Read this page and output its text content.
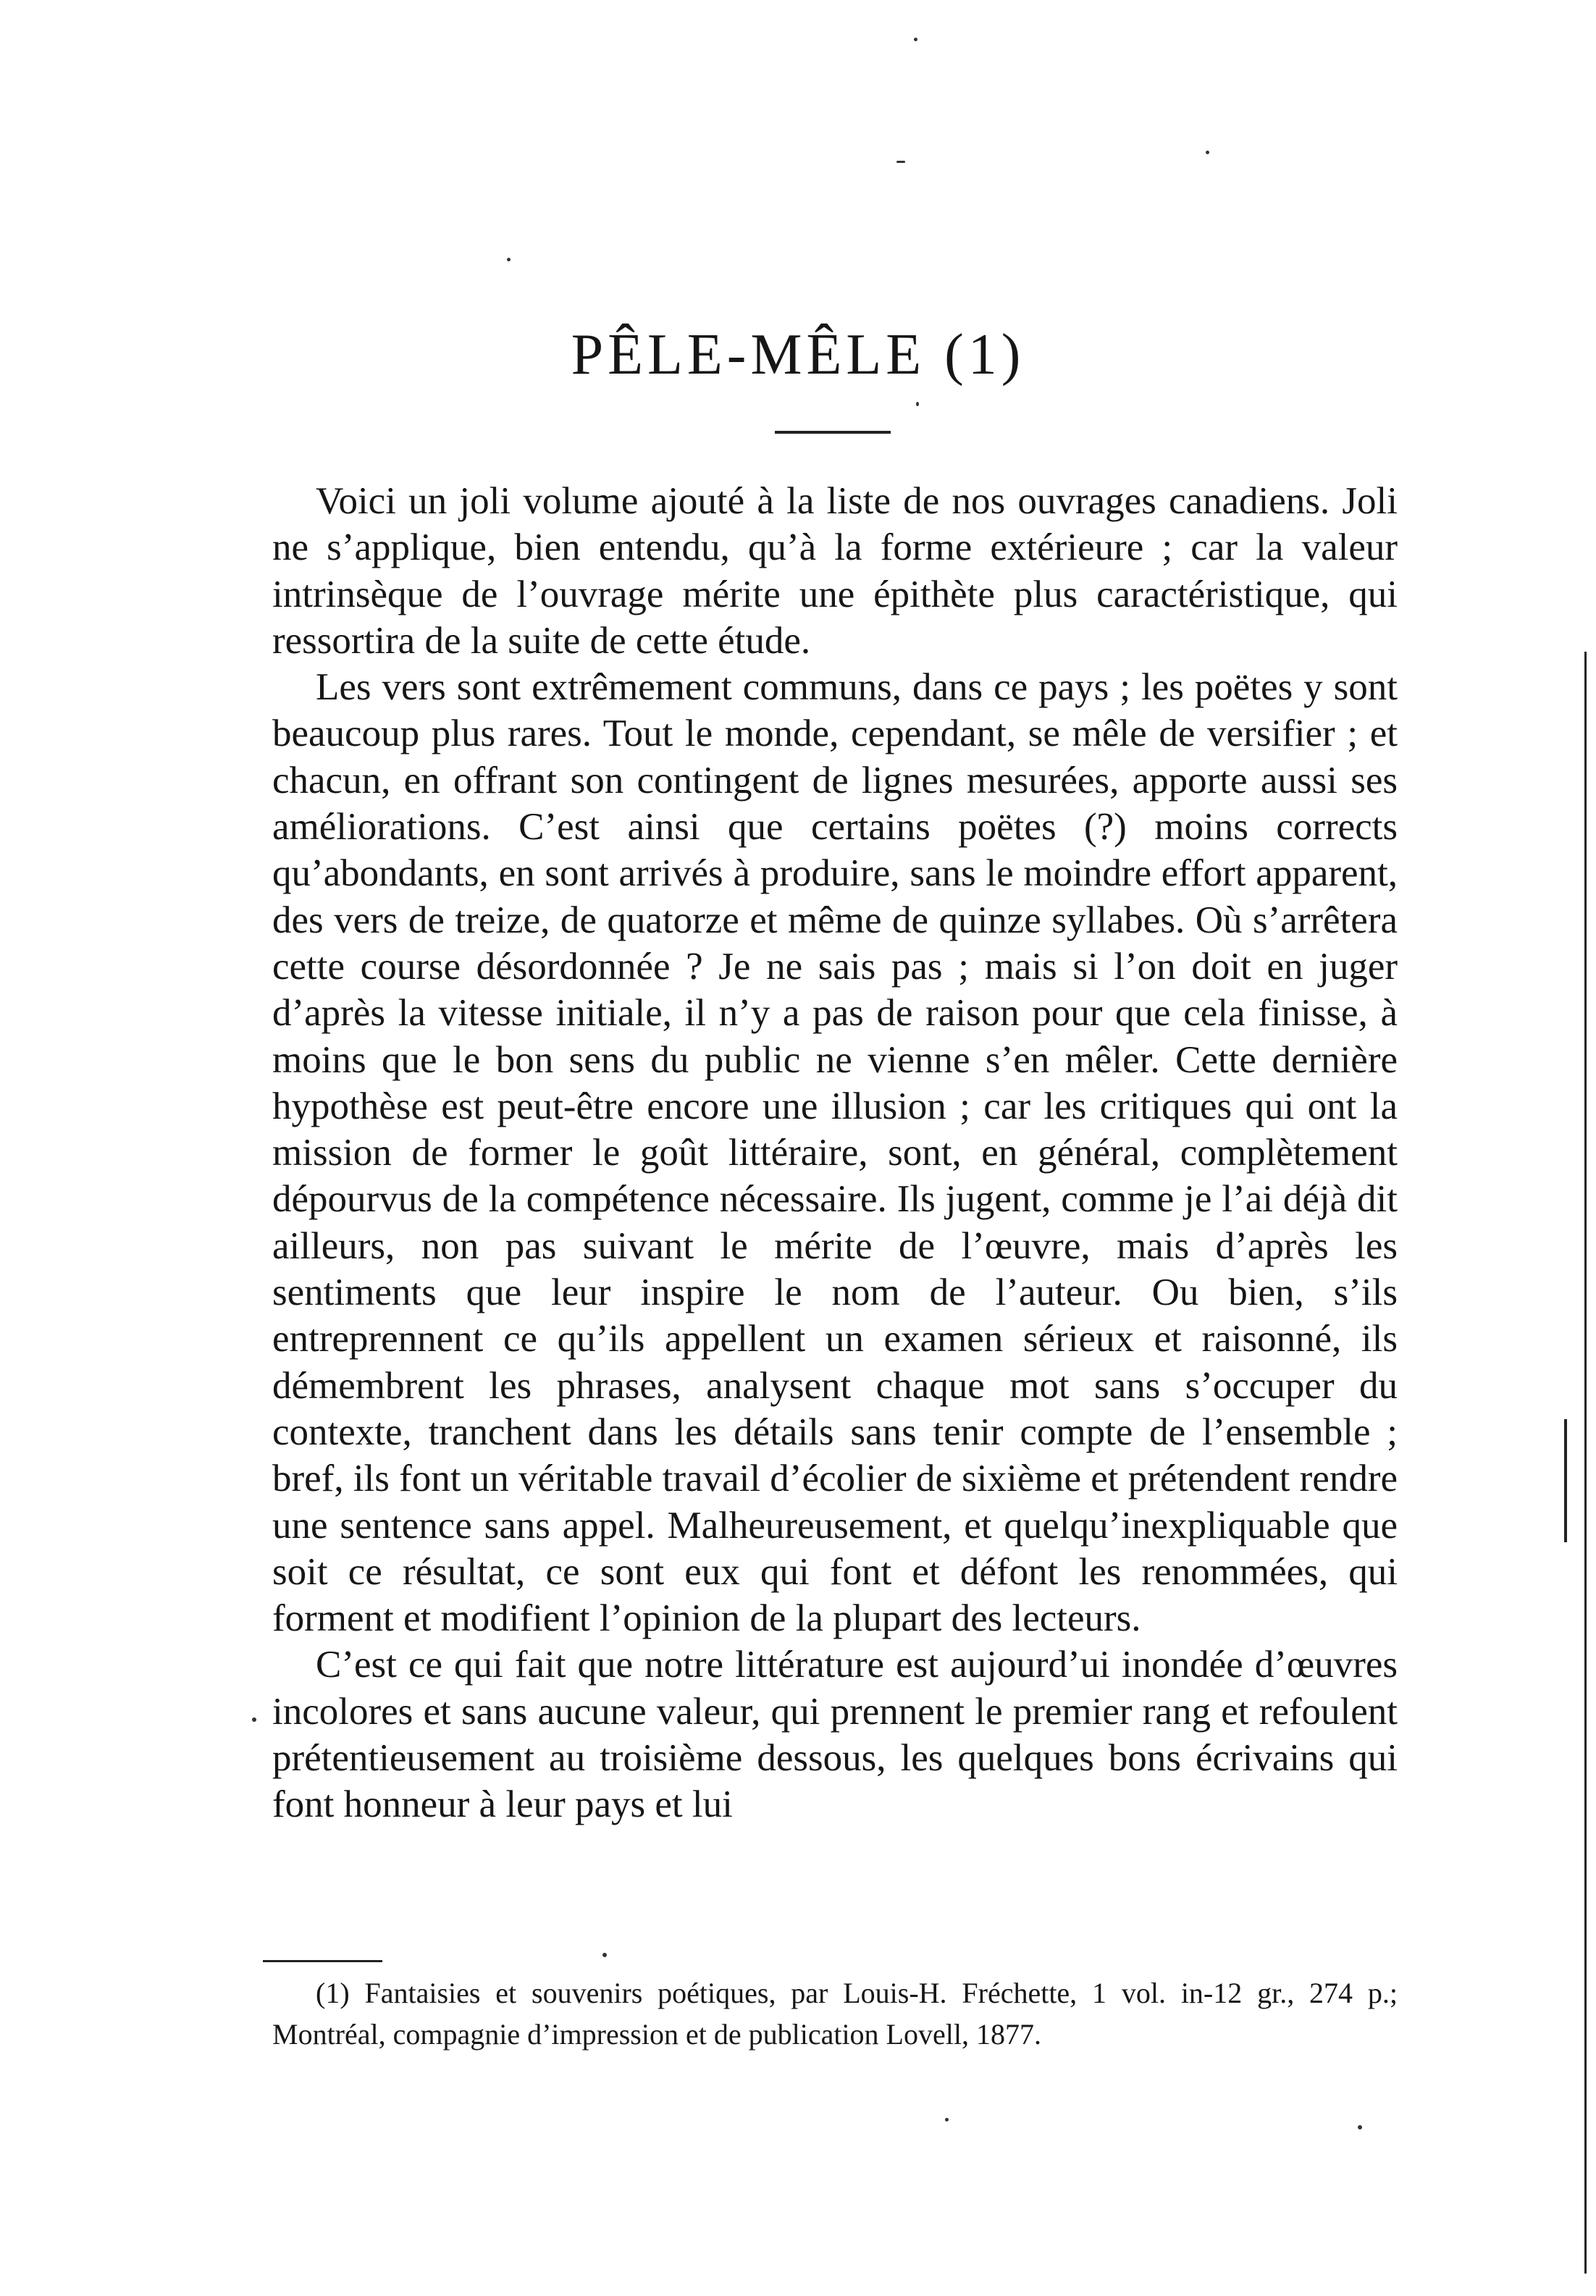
PÊLE-MÊLE (1)

Voici un joli volume ajouté à la liste de nos ouvrages canadiens. Joli ne s’applique, bien entendu, qu’à la forme extérieure ; car la valeur intrinsèque de l’ouvrage mérite une épithète plus caractéristique, qui ressortira de la suite de cette étude.

Les vers sont extrêmement communs, dans ce pays ; les poëtes y sont beaucoup plus rares. Tout le monde, cependant, se mêle de versifier ; et chacun, en offrant son contingent de lignes mesurées, apporte aussi ses améliorations. C’est ainsi que certains poëtes (?) moins corrects qu’abondants, en sont arrivés à produire, sans le moindre effort apparent, des vers de treize, de quatorze et même de quinze syllabes. Où s’arrêtera cette course désordonnée ? Je ne sais pas ; mais si l’on doit en juger d’après la vitesse initiale, il n’y a pas de raison pour que cela finisse, à moins que le bon sens du public ne vienne s’en mêler. Cette dernière hypothèse est peut-être encore une illusion ; car les critiques qui ont la mission de former le goût littéraire, sont, en général, complètement dépourvus de la compétence nécessaire. Ils jugent, comme je l’ai déjà dit ailleurs, non pas suivant le mérite de l’œuvre, mais d’après les sentiments que leur inspire le nom de l’auteur. Ou bien, s’ils entreprennent ce qu’ils appellent un examen sérieux et raisonné, ils démembrent les phrases, analysent chaque mot sans s’occuper du contexte, tranchent dans les détails sans tenir compte de l’ensemble ; bref, ils font un véritable travail d’écolier de sixième et prétendent rendre une sentence sans appel. Malheureusement, et quelqu’inexpliquable que soit ce résultat, ce sont eux qui font et défont les renommées, qui forment et modifient l’opinion de la plupart des lecteurs.

C’est ce qui fait que notre littérature est aujourd’ui inondée d’œuvres incolores et sans aucune valeur, qui prennent le premier rang et refoulent prétentieusement au troisième dessous, les quelques bons écrivains qui font honneur à leur pays et lui

(1) Fantaisies et souvenirs poétiques, par Louis-H. Fréchette, 1 vol. in-12 gr., 274 p.; Montréal, compagnie d’impression et de publication Lovell, 1877.
